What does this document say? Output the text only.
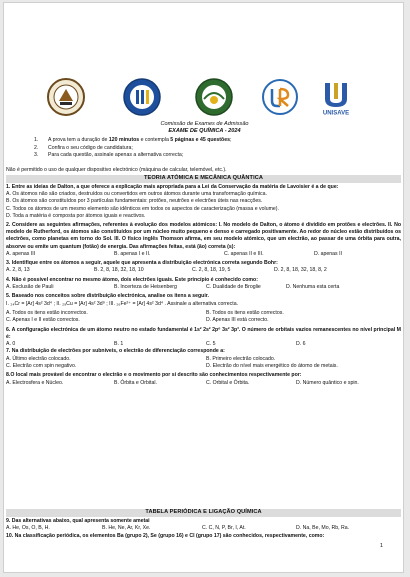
UNISAVE
Comissão de Exames de Admissão
EXAME DE QUÍMICA - 2024
1. A prova tem a duração de 120 minutos e contempla 5 páginas e 45 questões;
2. Confira o seu código de candidatura;
3. Para cada questão, assinale apenas a alternativa correcta;
Não é permitido o uso de qualquer dispositivo electrónico (máquina de calcular, telemóvel, etc.).
TEORIA ATÓMICA E MECÂNICA QUÂNTICA

1. Entre as ideias de Dalton, a que oferece a explicação mais apropriada para a Lei da Conservação da matéria de Lavoisier é a de que:

A. Os átomos não são criados, destruídos ou convertidos em outros átomos durante uma transformação química.

B. Os átomos são constituídos por 3 partículas fundamentais: protões, neutrões e electrões úteis nas reacções.

C. Todos os átomos de um mesmo elemento são idênticos em todos os aspectos de caracterização (massa e volume).

D. Toda a matéria é composta por átomos iguais e reactivos.

2. Considere as seguintes afirmações, referentes à evolução dos modelos atómicos: I. No modelo de Dalton, o átomo é dividido em protões e electrões. II. No modelo de Rutherford, os átomos são constituídos por um núcleo muito pequeno e denso e carregado positivamente. Ao redor do núcleo estão distribuídos os electrões, como planetas em torno do Sol. III. O físico inglês Thomson afirma, em seu modelo atómico, que um electrão, ao passar de uma órbita para outra, absorve ou emite um quantum (fotão) de energia. Das afirmações feitas, está (ão) correta (s):

A. apenas III	B. apenas I e II.	C. apenas II e III.	D. apenas II

3. Identifique entre os átomos a seguir, aquele que apresenta a distribuição electrónica correta segundo Bohr:

A. 2, 8, 13	B. 2, 8, 18, 32, 18, 10	C. 2, 8, 18, 19, 5	D. 2, 8, 18, 32, 18, 8, 2

4. Não é possível encontrar no mesmo átomo, dois electrões iguais. Este princípio é conhecido como:

A. Exclusão de Pauli	B. Incerteza de Heisenberg	C. Dualidade de Broglie	D. Nenhuma esta certa

5. Baseado nos conceitos sobre distribuição electrónica, analise os itens a seguir.

I. ₂₄Cr = [Ar] 4s² 3d⁴ ; II. ₂₉Cu = [Ar] 4s² 3d⁹ ; III. ₂₆Fe²⁺ = [Ar] 4s² 3d⁴ . Assinale a alternativa correcta.

A. Todos os itens estão incorrectos.	B. Todos os itens estão correctos.
C. Apenas I e II estão correctos.	D. Apenas III está correcto.

6. A configuração electrónica de um átomo neutro no estado fundamental é 1s² 2s² 2p⁶ 3s² 3p³. O número de orbitais vazios remanescentes no nível principal M é:

A. 0	B. 1	C. 5	D. 6

7. Na distribuição de electrões por subníveis, o electrão de diferenciação corresponde a:

A. Último electrão colocado.	B. Primeiro electrão colocado.
C. Electrão com spin negativo.	D. Electrão do nível mais energético do átomo de metais.

8.O local mais provável de encontrar o electrão e o movimento por si descrito são conhecimentos respectivamente por:

A. Electrosfera e Núcleo.	B. Órbita e Orbital.	C. Orbital e Órbita.	D. Número quântico e spin.
TABELA PERIÓDICA E LIGAÇÃO QUÍMICA

9. Das alternativas abaixo, qual apresenta somente ametai

A. He, Os, O, B, H.	B. He, Ne, Ar, Kr, Xe.	C. C, N, P, Br, I, At.	D. Na, Be, Mo, Rb, Ra.

10. Na classificação periódica, os elementos Ba (grupo 2), Se (grupo 16) e Cl (grupo 17) são conhecidos, respectivamente, como:

1
